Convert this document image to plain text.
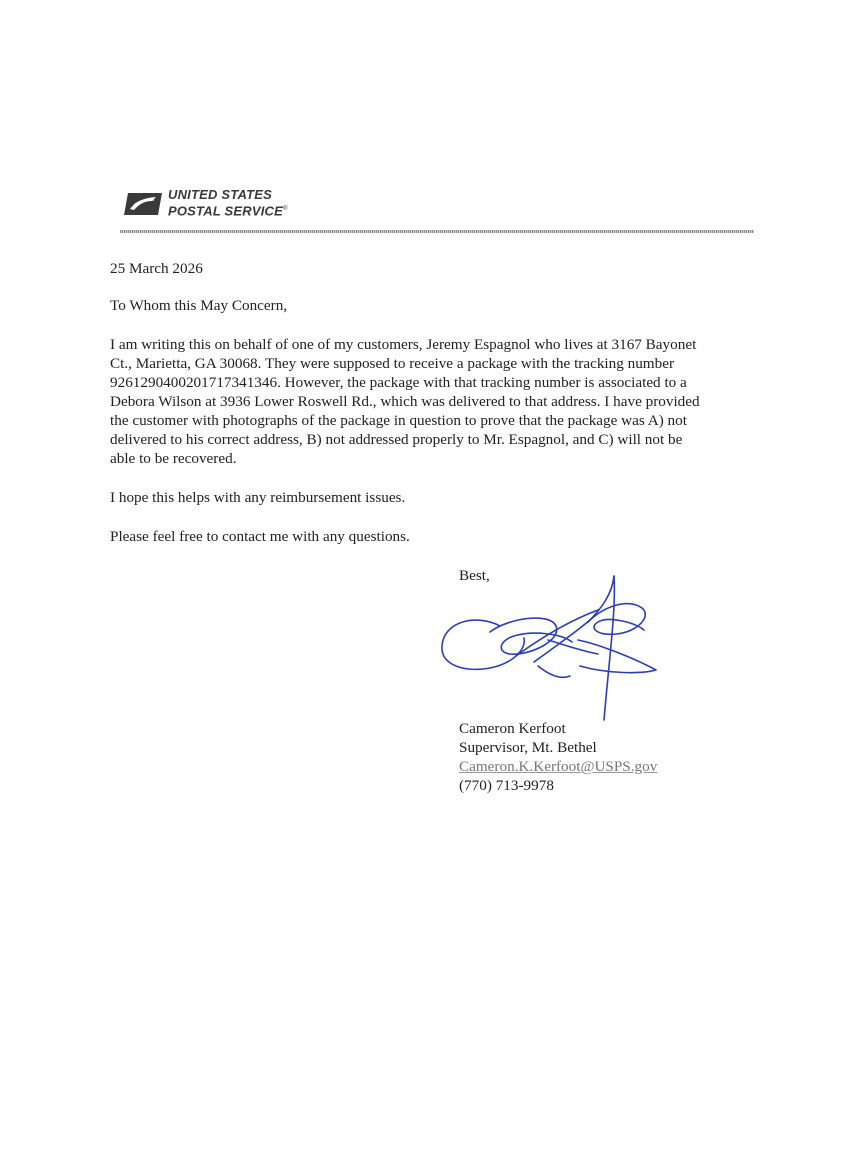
UNITED STATES
POSTAL SERVICE®
25 March 2026
To Whom this May Concern,
I am writing this on behalf of one of my customers, Jeremy Espagnol who lives at 3167 Bayonet
Ct., Marietta, GA 30068. They were supposed to receive a package with the tracking number
9261290400201717341346. However, the package with that tracking number is associated to a
Debora Wilson at 3936 Lower Roswell Rd., which was delivered to that address. I have provided
the customer with photographs of the package in question to prove that the package was A) not
delivered to his correct address, B) not addressed properly to Mr. Espagnol, and C) will not be
able to be recovered.
I hope this helps with any reimbursement issues.
Please feel free to contact me with any questions.
Best,
Cameron Kerfoot
Supervisor, Mt. Bethel
Cameron.K.Kerfoot@USPS.gov
(770) 713-9978
